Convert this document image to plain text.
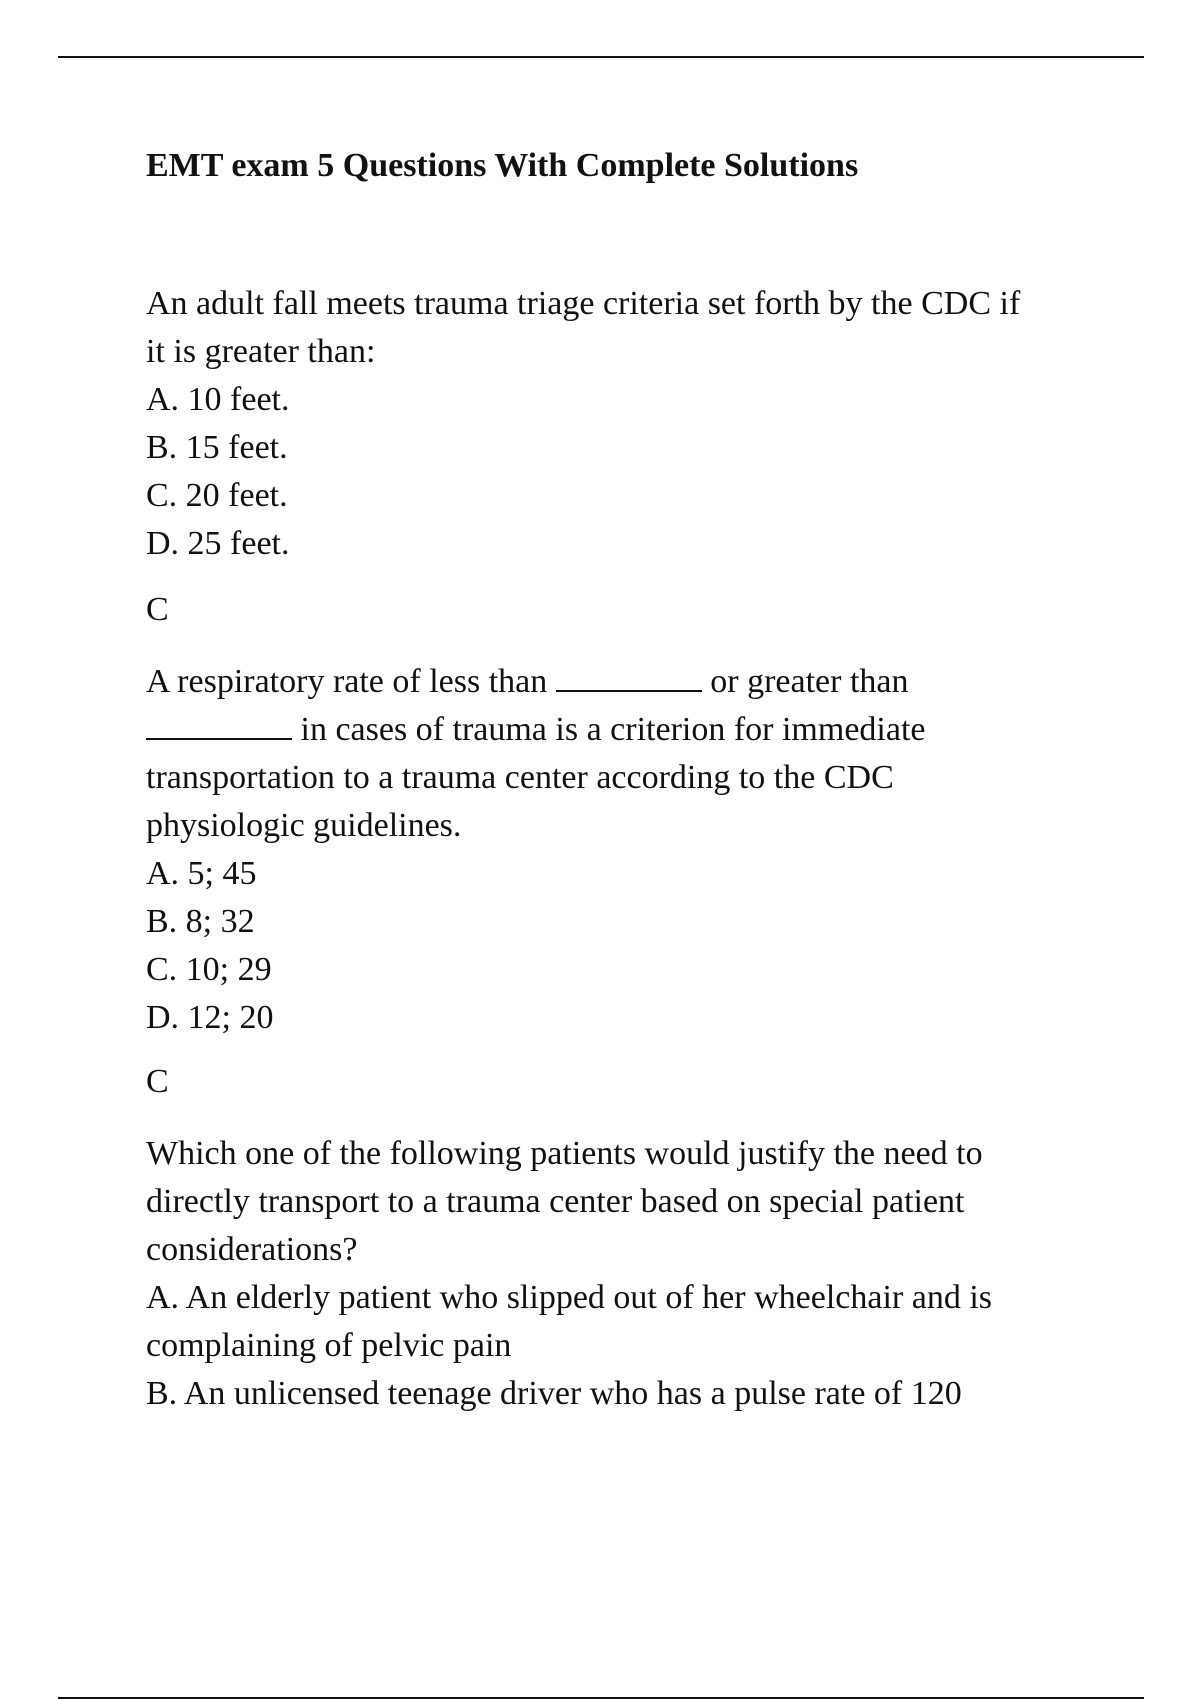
EMT exam 5 Questions With Complete Solutions

An adult fall meets trauma triage criteria set forth by the CDC if

it is greater than:

A. 10 feet.

B. 15 feet.

C. 20 feet.

D. 25 feet.

C

A respiratory rate of less than	or greater than

in cases of trauma is a criterion for immediate

transportation to a trauma center according to the CDC

physiologic guidelines.

A. 5; 45

B. 8; 32

C. 10; 29

D. 12; 20

C

Which one of the following patients would justify the need to

directly transport to a trauma center based on special patient

considerations?

A. An elderly patient who slipped out of her wheelchair and is

complaining of pelvic pain

B. An unlicensed teenage driver who has a pulse rate of 120
